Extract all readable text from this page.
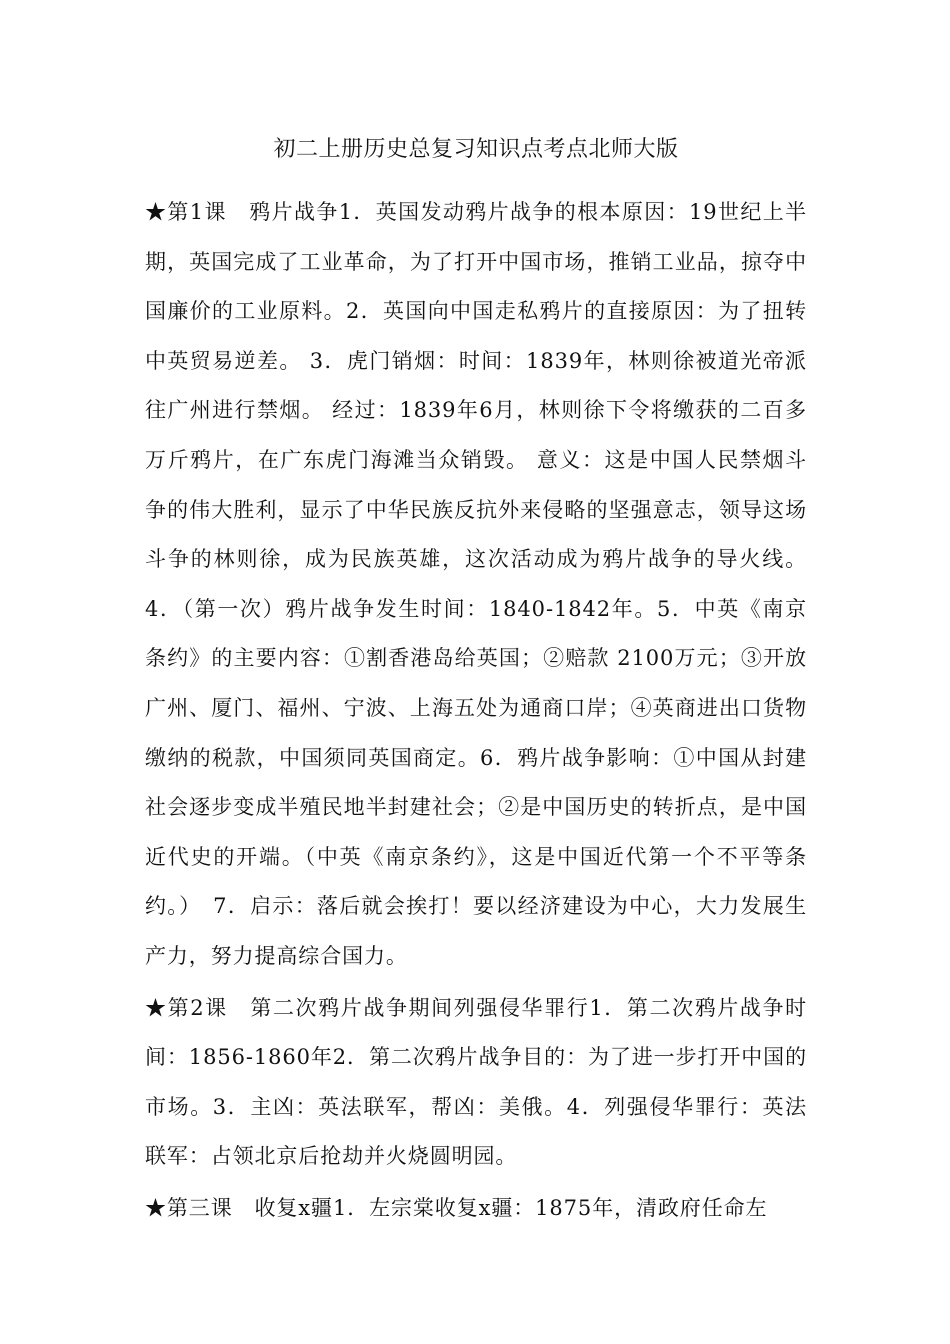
初二上册历史总复习知识点考点北师大版

★第1课　鸦片战争1．英国发动鸦片战争的根本原因：19世纪上半期，英国完成了工业革命，为了打开中国市场，推销工业品，掠夺中国廉价的工业原料。2．英国向中国走私鸦片的直接原因：为了扭转中英贸易逆差。 3．虎门销烟：时间：1839年，林则徐被道光帝派往广州进行禁烟。 经过：1839年6月，林则徐下令将缴获的二百多万斤鸦片，在广东虎门海滩当众销毁。 意义：这是中国人民禁烟斗争的伟大胜利，显示了中华民族反抗外来侵略的坚强意志，领导这场斗争的林则徐，成为民族英雄，这次活动成为鸦片战争的导火线。 4．（第一次）鸦片战争发生时间：1840-1842年。5．中英《南京条约》的主要内容：①割香港岛给英国；②赔款 2100万元；③开放广州、厦门、福州、宁波、上海五处为通商口岸；④英商进出口货物缴纳的税款，中国须同英国商定。6．鸦片战争影响：①中国从封建社会逐步变成半殖民地半封建社会；②是中国历史的转折点，是中国近代史的开端。（中英《南京条约》，这是中国近代第一个不平等条约。）　7．启示：落后就会挨打！要以经济建设为中心，大力发展生产力，努力提高综合国力。

★第2课　第二次鸦片战争期间列强侵华罪行1．第二次鸦片战争时间：1856-1860年2．第二次鸦片战争目的：为了进一步打开中国的市场。3．主凶：英法联军，帮凶：美俄。4．列强侵华罪行：英法联军：占领北京后抢劫并火烧圆明园。

★第三课　收复x疆1．左宗棠收复x疆：1875年，清政府任命左
